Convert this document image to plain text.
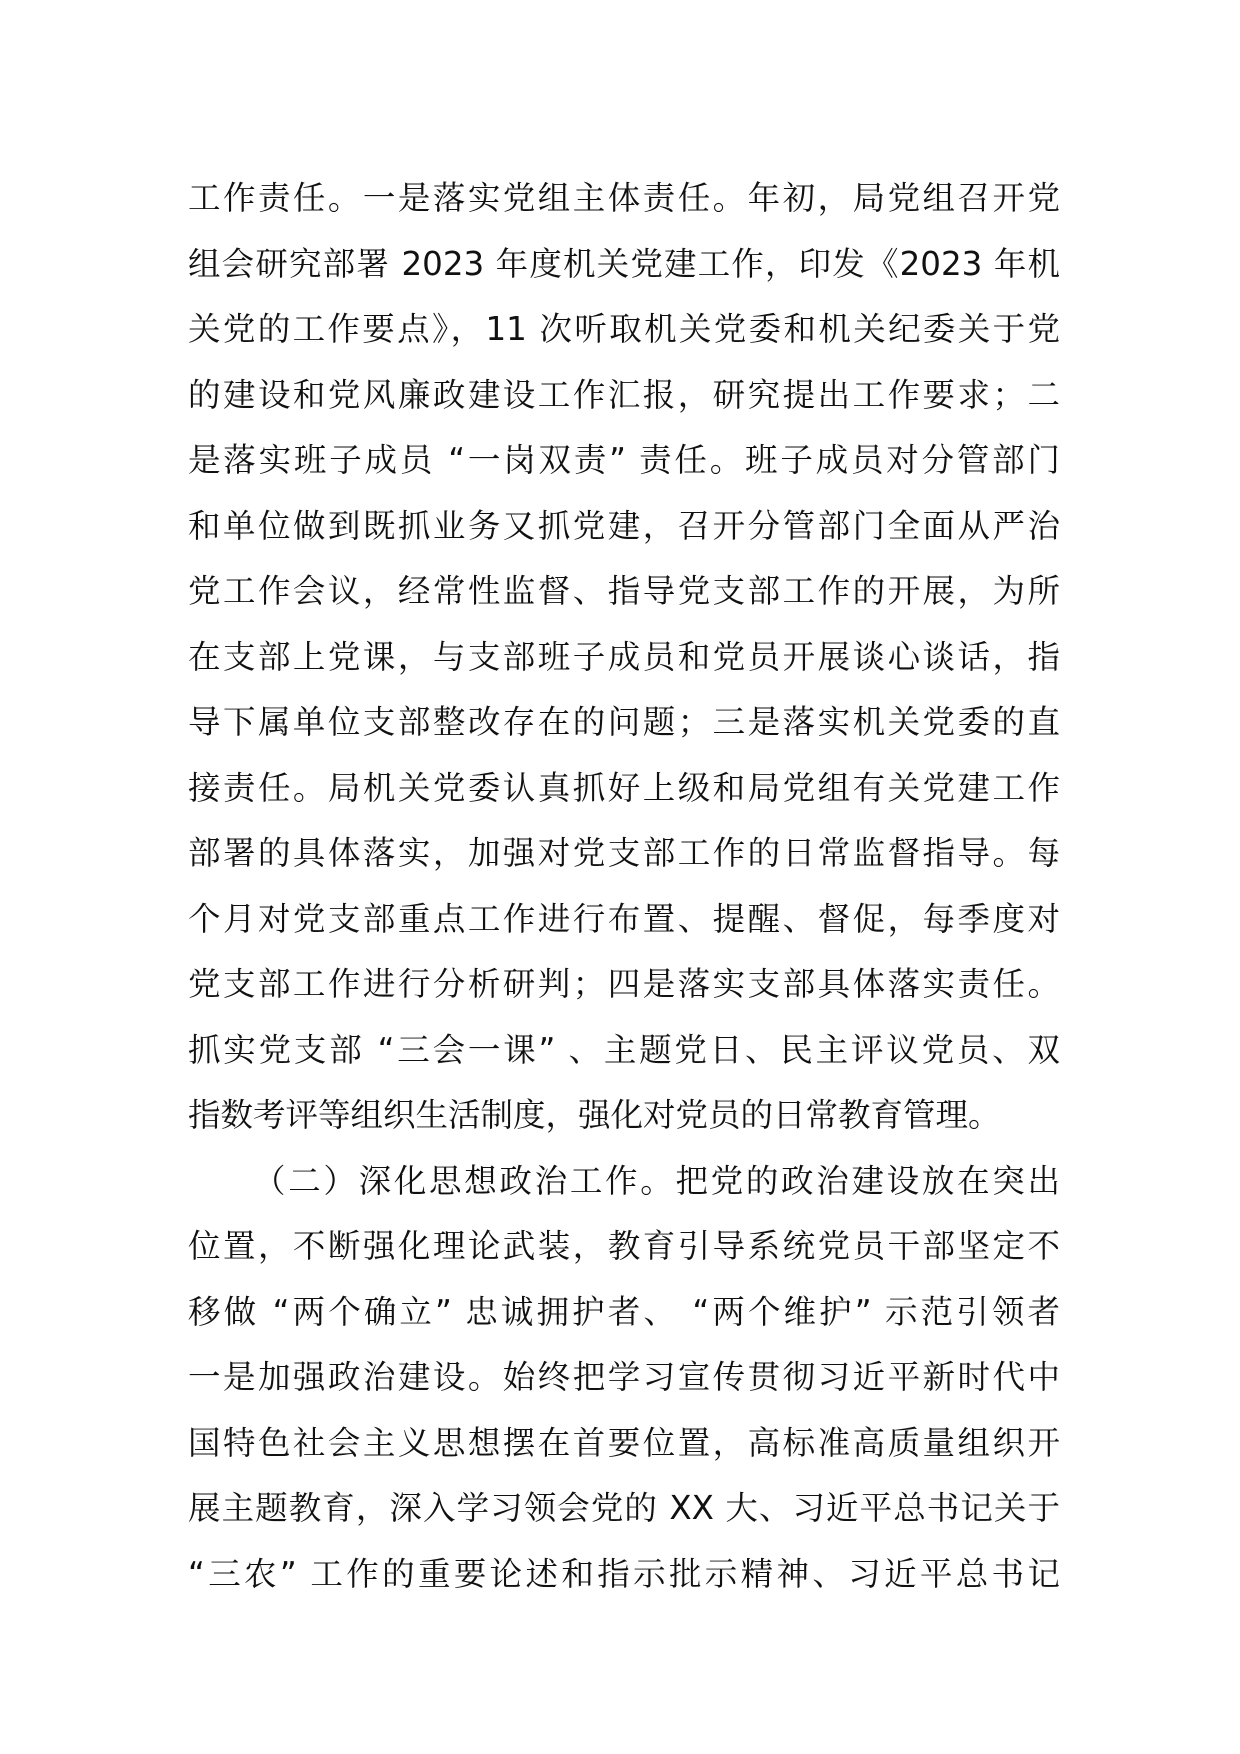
工作责任。一是落实党组主体责任。年初，局党组召开党
组会研究部署 2023 年度机关党建工作，印发《2023 年机
关党的工作要点》，11 次听取机关党委和机关纪委关于党
的建设和党风廉政建设工作汇报，研究提出工作要求；二
是落实班子成员 “一岗双责” 责任。班子成员对分管部门
和单位做到既抓业务又抓党建，召开分管部门全面从严治
党工作会议，经常性监督、指导党支部工作的开展，为所
在支部上党课，与支部班子成员和党员开展谈心谈话，指
导下属单位支部整改存在的问题；三是落实机关党委的直
接责任。局机关党委认真抓好上级和局党组有关党建工作
部署的具体落实，加强对党支部工作的日常监督指导。每
个月对党支部重点工作进行布置、提醒、督促，每季度对
党支部工作进行分析研判；四是落实支部具体落实责任。
抓实党支部 “三会一课” 、主题党日、民主评议党员、双
指数考评等组织生活制度，强化对党员的日常教育管理。
（二）深化思想政治工作。把党的政治建设放在突出
位置，不断强化理论武装，教育引导系统党员干部坚定不
移做 “两个确立” 忠诚拥护者、 “两个维护” 示范引领者
一是加强政治建设。始终把学习宣传贯彻习近平新时代中
国特色社会主义思想摆在首要位置，高标准高质量组织开
展主题教育，深入学习领会党的 XX 大、习近平总书记关于
“三农” 工作的重要论述和指示批示精神、习近平总书记
